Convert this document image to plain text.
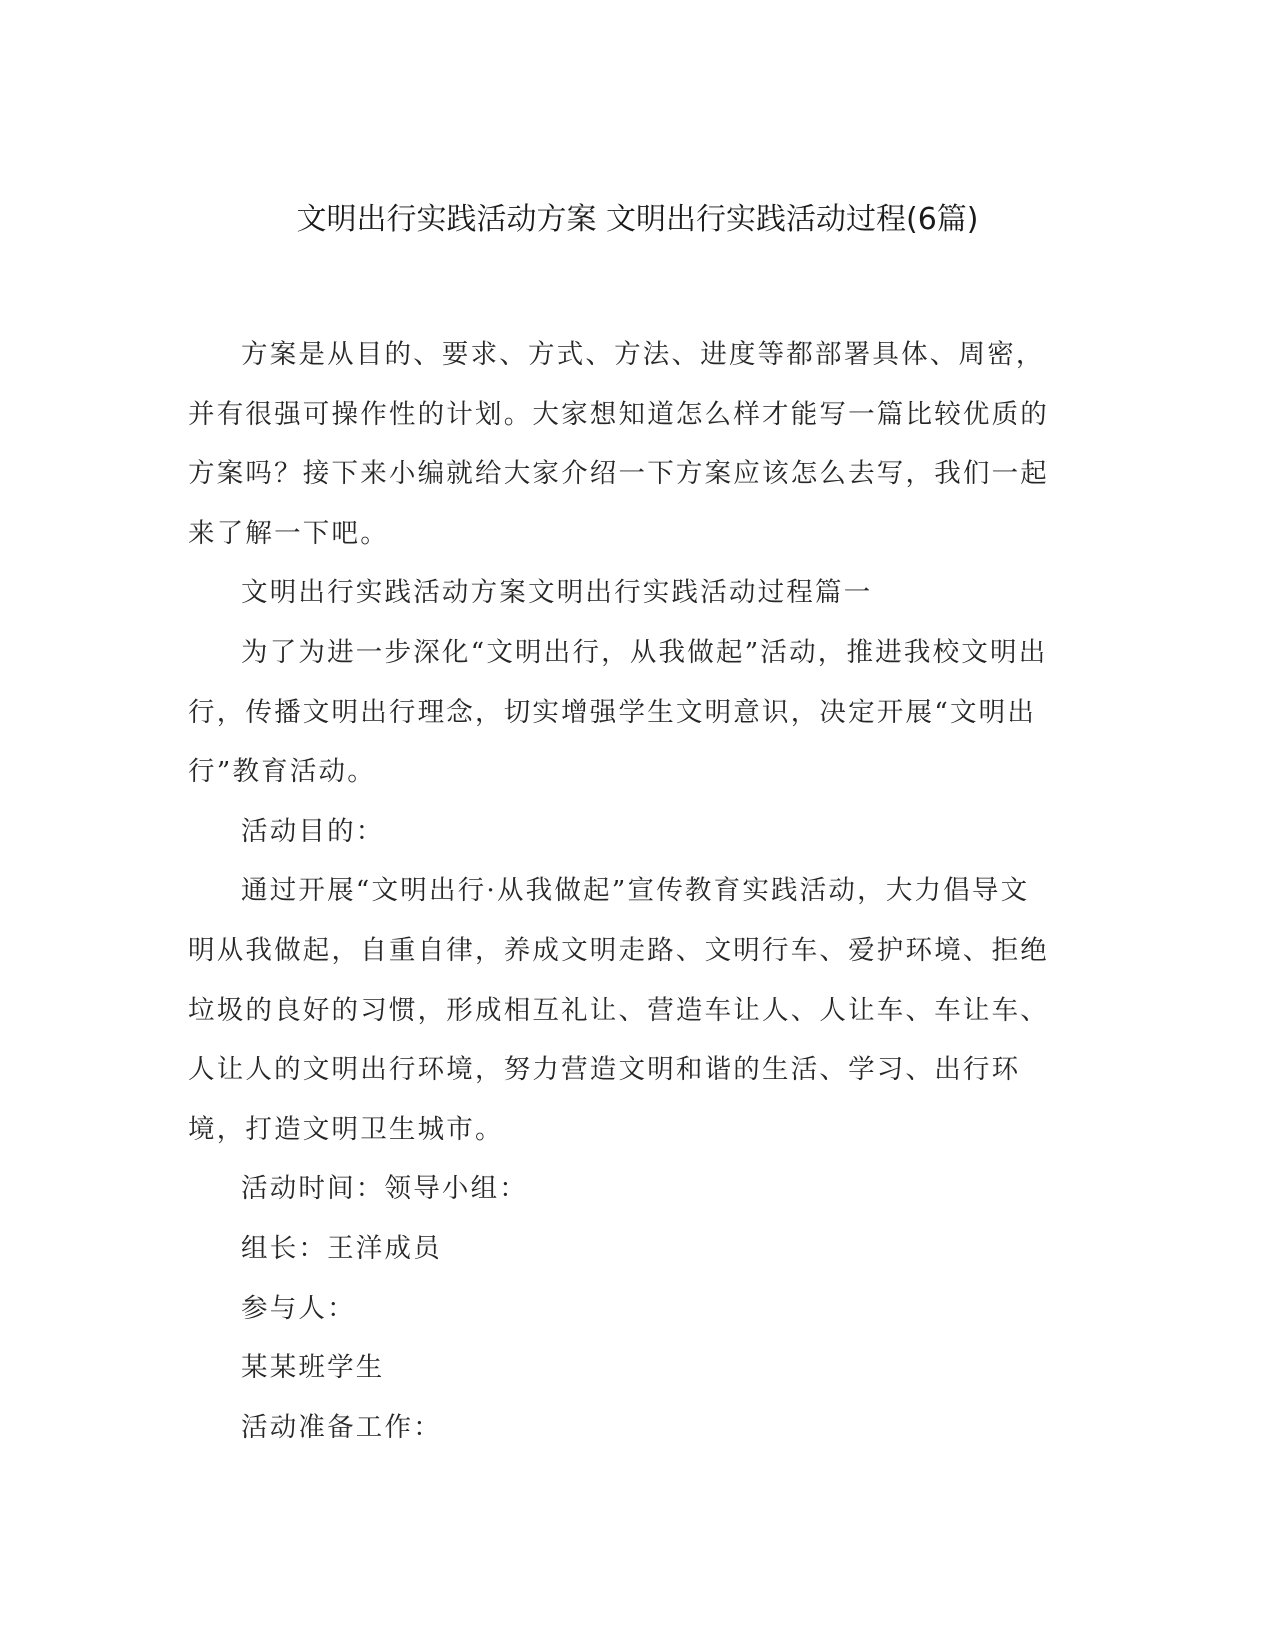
文明出行实践活动方案 文明出行实践活动过程(6篇)

方案是从目的、要求、方式、方法、进度等都部署具体、周密，并有很强可操作性的计划。大家想知道怎么样才能写一篇比较优质的方案吗？接下来小编就给大家介绍一下方案应该怎么去写，我们一起来了解一下吧。

文明出行实践活动方案文明出行实践活动过程篇一

为了为进一步深化“文明出行，从我做起”活动，推进我校文明出行，传播文明出行理念，切实增强学生文明意识，决定开展“文明出行”教育活动。

活动目的：

通过开展“文明出行·从我做起”宣传教育实践活动，大力倡导文明从我做起，自重自律，养成文明走路、文明行车、爱护环境、拒绝垃圾的良好的习惯，形成相互礼让、营造车让人、人让车、车让车、人让人的文明出行环境，努力营造文明和谐的生活、学习、出行环境，打造文明卫生城市。

活动时间：领导小组：

组长：王洋成员

参与人：

某某班学生

活动准备工作：
